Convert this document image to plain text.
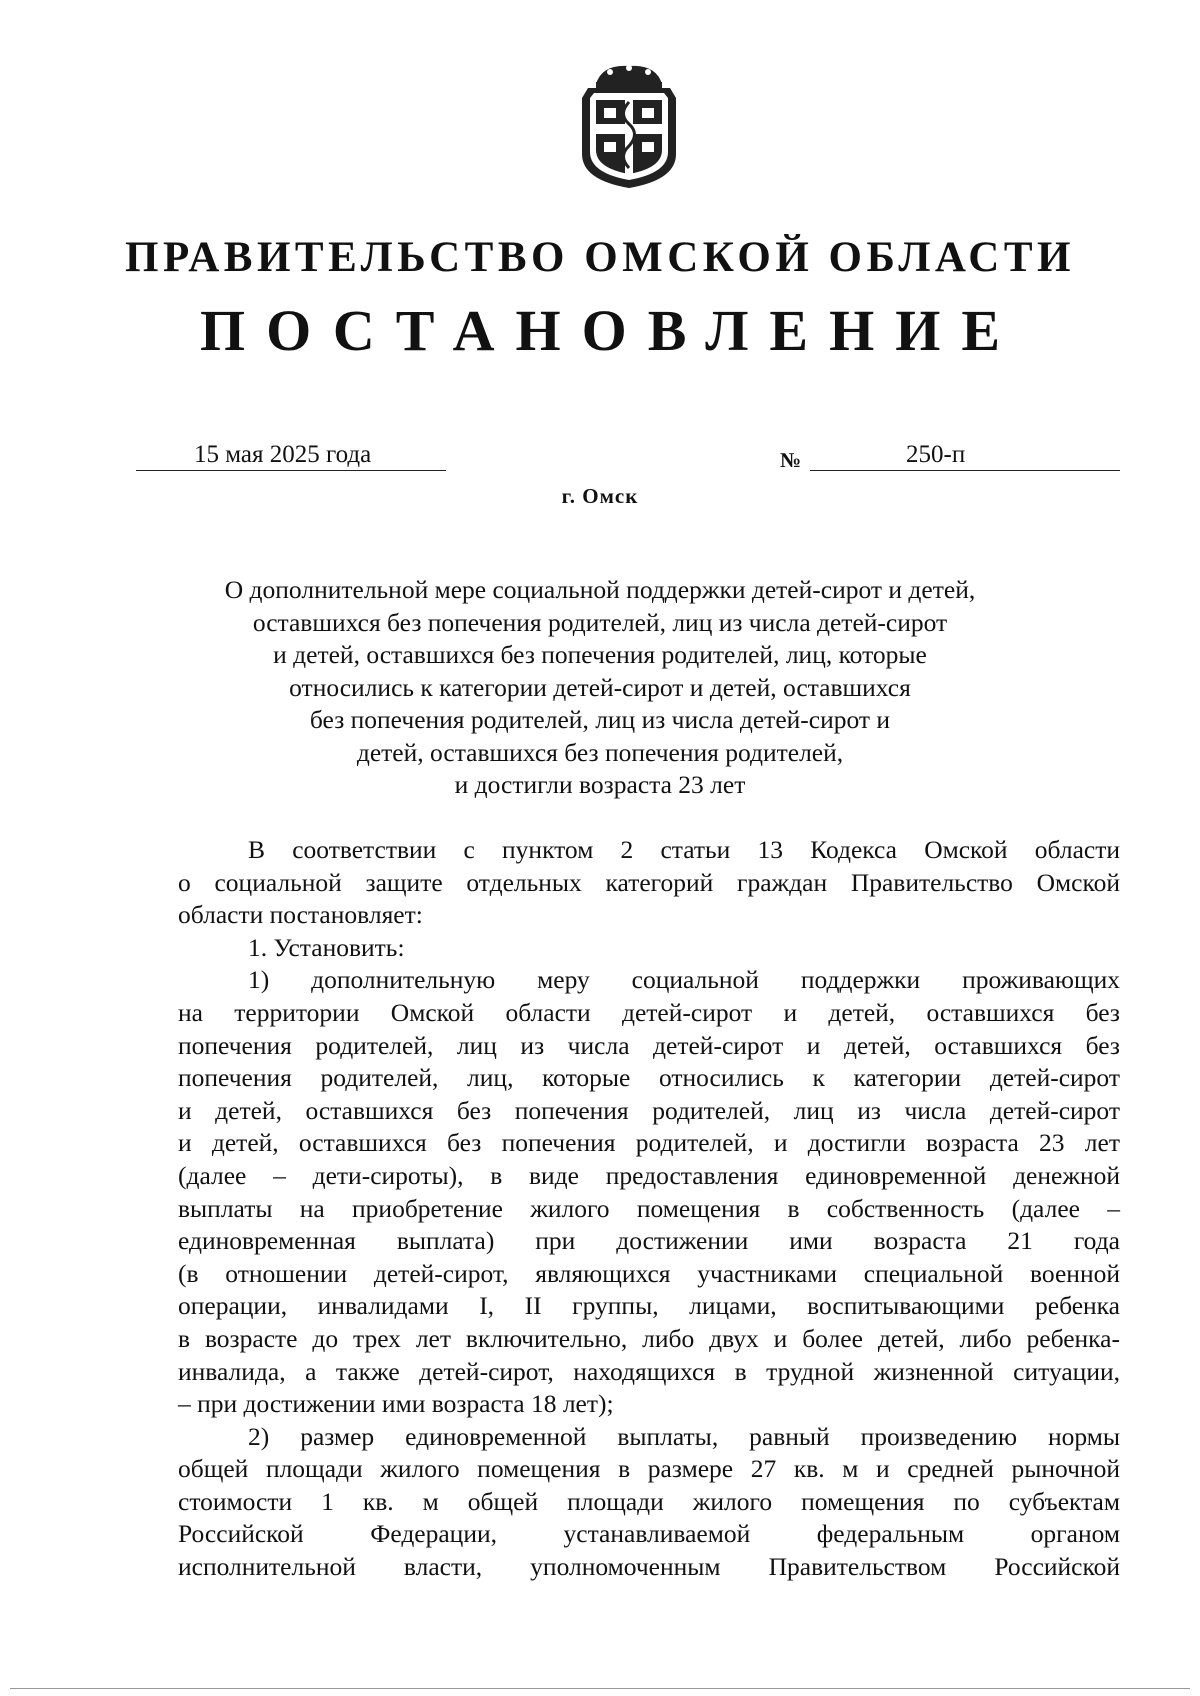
ПРАВИТЕЛЬСТВО ОМСКОЙ ОБЛАСТИ
ПОСТАНОВЛЕНИЕ
15 мая 2025 года	№	250-п
г. Омск
О дополнительной мере социальной поддержки детей-сирот и детей,
оставшихся без попечения родителей, лиц из числа детей-сирот
и детей, оставшихся без попечения родителей, лиц, которые
относились к категории детей-сирот и детей, оставшихся
без попечения родителей, лиц из числа детей-сирот и
детей, оставшихся без попечения родителей,
и достигли возраста 23 лет
В соответствии с пунктом 2 статьи 13 Кодекса Омской области
о социальной защите отдельных категорий граждан Правительство Омской
области постановляет:
1. Установить:
1) дополнительную меру социальной поддержки проживающих
на территории Омской области детей-сирот и детей, оставшихся без
попечения родителей, лиц из числа детей-сирот и детей, оставшихся без
попечения родителей, лиц, которые относились к категории детей-сирот
и детей, оставшихся без попечения родителей, лиц из числа детей-сирот
и детей, оставшихся без попечения родителей, и достигли возраста 23 лет
(далее – дети-сироты), в виде предоставления единовременной денежной
выплаты на приобретение жилого помещения в собственность (далее –
единовременная выплата) при достижении ими возраста 21 года
(в отношении детей-сирот, являющихся участниками специальной военной
операции, инвалидами I, II группы, лицами, воспитывающими ребенка
в возрасте до трех лет включительно, либо двух и более детей, либо ребенка-
инвалида, а также детей-сирот, находящихся в трудной жизненной ситуации,
– при достижении ими возраста 18 лет);
2) размер единовременной выплаты, равный произведению нормы
общей площади жилого помещения в размере 27 кв. м и средней рыночной
стоимости 1 кв. м общей площади жилого помещения по субъектам
Российской Федерации, устанавливаемой федеральным органом
исполнительной власти, уполномоченным Правительством Российской
